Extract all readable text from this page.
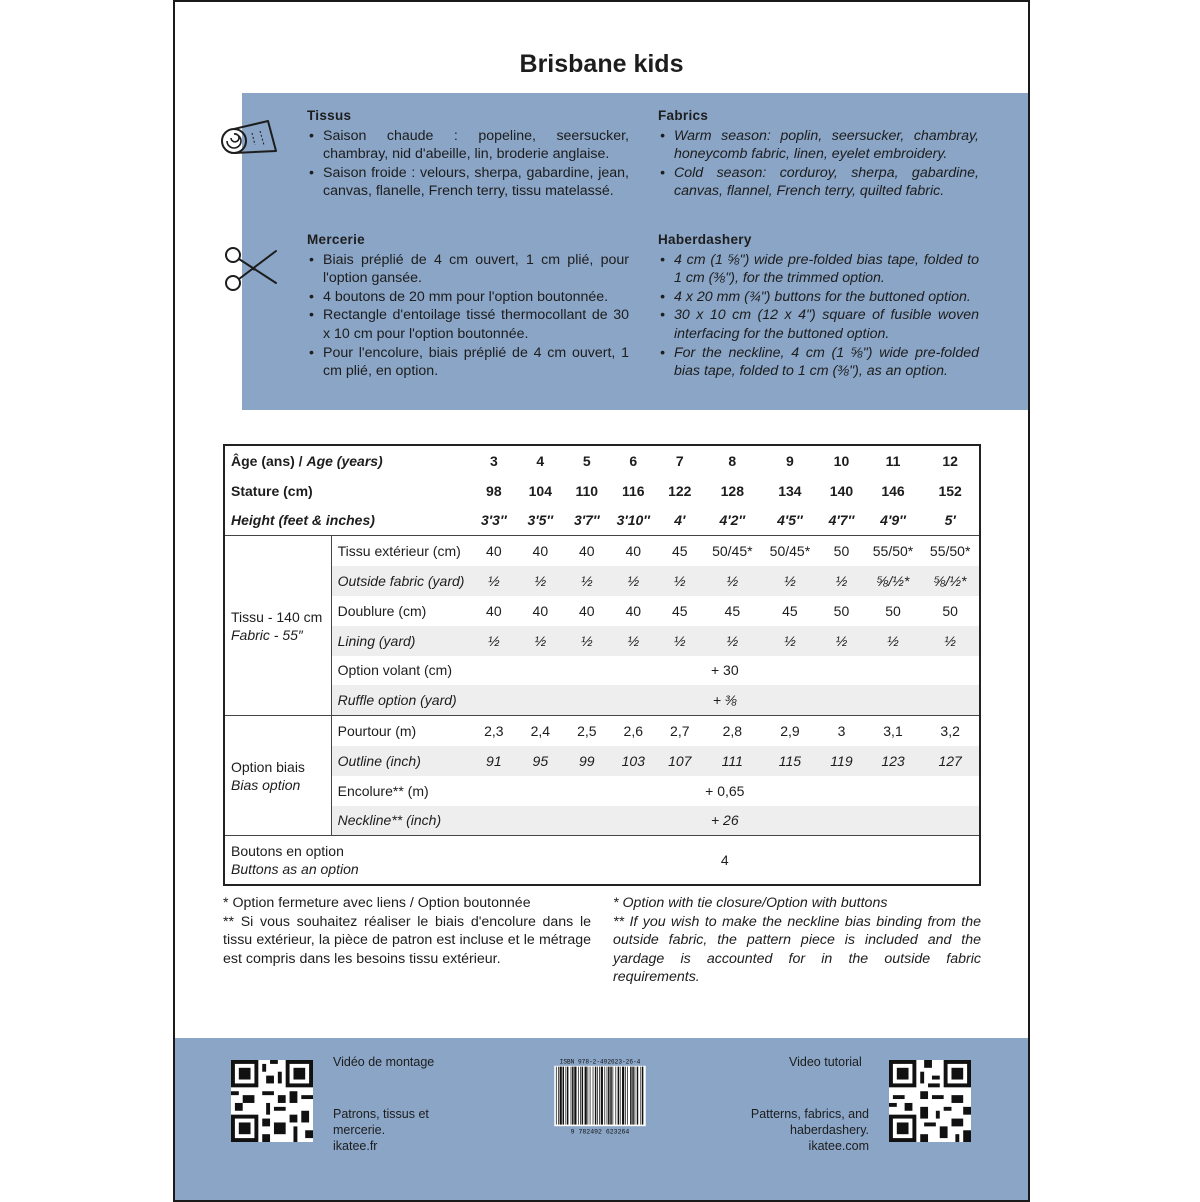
Brisbane kids
Tissus
• Saison chaude : popeline, seersucker, chambray, nid d'abeille, lin, broderie anglaise.
• Saison froide : velours, sherpa, gabardine, jean, canvas, flanelle, French terry, tissu matelassé.
Fabrics
• Warm season: poplin, seersucker, chambray, honeycomb fabric, linen, eyelet embroidery.
• Cold season: corduroy, sherpa, gabardine, canvas, flannel, French terry, quilted fabric.
Mercerie
• Biais préplié de 4 cm ouvert, 1 cm plié, pour l'option gansée.
• 4 boutons de 20 mm pour l'option boutonnée.
• Rectangle d'entoilage tissé thermocollant de 30 x 10 cm pour l'option boutonnée.
• Pour l'encolure, biais préplié de 4 cm ouvert, 1 cm plié, en option.
Haberdashery
• 4 cm (1 ⅝") wide pre-folded bias tape, folded to 1 cm (⅜"), for the trimmed option.
• 4 x 20 mm (¾") buttons for the buttoned option.
• 30 x 10 cm (12 x 4") square of fusible woven interfacing for the buttoned option.
• For the neckline, 4 cm (1 ⅝") wide pre-folded bias tape, folded to 1 cm (⅜"), as an option.
Âge (ans) / Age (years)		3	4	5	6	7	8	9	10	11	12
Stature (cm)		98	104	110	116	122	128	134	140	146	152
Height (feet & inches)		3′3″	3′5″	3′7″	3′10″	4′	4′2″	4′5″	4′7″	4′9″	5′
Tissu - 140 cm
Fabric - 55″	Tissu extérieur (cm)	40	40	40	40	45	50/45*	50/45*	50	55/50*	55/50*
	Outside fabric (yard)	½	½	½	½	½	½	½	½	⅝/½*	⅝/½*
	Doublure (cm)	40	40	40	40	45	45	45	50	50	50
	Lining (yard)	½	½	½	½	½	½	½	½	½	½
	Option volant (cm)	+ 30									
	Ruffle option (yard)	+ ⅜									
Option biais
Bias option	Pourtour (m)	2,3	2,4	2,5	2,6	2,7	2,8	2,9	3	3,1	3,2
	Outline (inch)	91	95	99	103	107	111	115	119	123	127
	Encolure** (m)	+ 0,65									
	Neckline** (inch)	+ 26									
Boutons en option
Buttons as an option		4									
* Option fermeture avec liens / Option boutonnée
** Si vous souhaitez réaliser le biais d'encolure dans le tissu extérieur, la pièce de patron est incluse et le métrage est compris dans les besoins tissu extérieur.
* Option with tie closure/Option with buttons
** If you wish to make the neckline bias binding from the outside fabric, the pattern piece is included and the yardage is accounted for in the outside fabric requirements.
Vidéo de montage
Patrons, tissus et mercerie.
ikatee.fr
ISBN 978-2-492623-26-4
9 782492 623264
Video tutorial
Patterns, fabrics, and haberdashery.
ikatee.com
